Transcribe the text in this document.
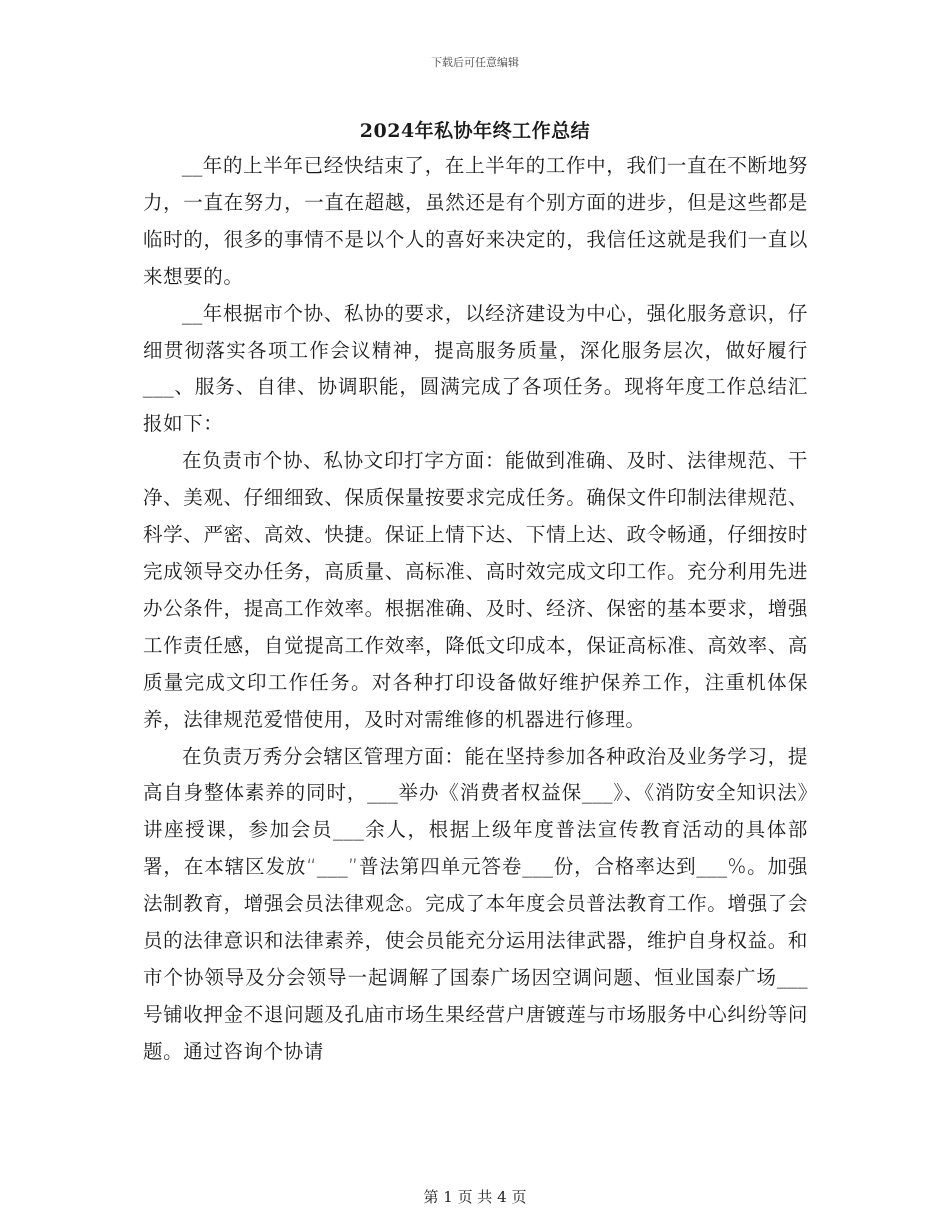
下载后可任意编辑
2024年私协年终工作总结

__年的上半年已经快结束了，在上半年的工作中，我们一直在不断地努力，一直在努力，一直在超越，虽然还是有个别方面的进步，但是这些都是临时的，很多的事情不是以个人的喜好来决定的，我信任这就是我们一直以来想要的。

__年根据市个协、私协的要求，以经济建设为中心，强化服务意识，仔细贯彻落实各项工作会议精神，提高服务质量，深化服务层次，做好履行___、服务、自律、协调职能，圆满完成了各项任务。现将年度工作总结汇报如下：

在负责市个协、私协文印打字方面：能做到准确、及时、法律规范、干净、美观、仔细细致、保质保量按要求完成任务。确保文件印制法律规范、科学、严密、高效、快捷。保证上情下达、下情上达、政令畅通，仔细按时完成领导交办任务，高质量、高标准、高时效完成文印工作。充分利用先进办公条件，提高工作效率。根据准确、及时、经济、保密的基本要求，增强工作责任感，自觉提高工作效率，降低文印成本，保证高标准、高效率、高质量完成文印工作任务。对各种打印设备做好维护保养工作，注重机体保养，法律规范爱惜使用，及时对需维修的机器进行修理。

在负责万秀分会辖区管理方面：能在坚持参加各种政治及业务学习，提高自身整体素养的同时，___举办《消费者权益保___》、《消防安全知识法》讲座授课，参加会员___余人，根据上级年度普法宣传教育活动的具体部署，在本辖区发放“___”普法第四单元答卷___份，合格率达到___%。加强法制教育，增强会员法律观念。完成了本年度会员普法教育工作。增强了会员的法律意识和法律素养，使会员能充分运用法律武器，维护自身权益。和市个协领导及分会领导一起调解了国泰广场因空调问题、恒业国泰广场___号铺收押金不退问题及孔庙市场生果经营户唐镀莲与市场服务中心纠纷等问题。通过咨询个协请

第 1 页 共 4 页
